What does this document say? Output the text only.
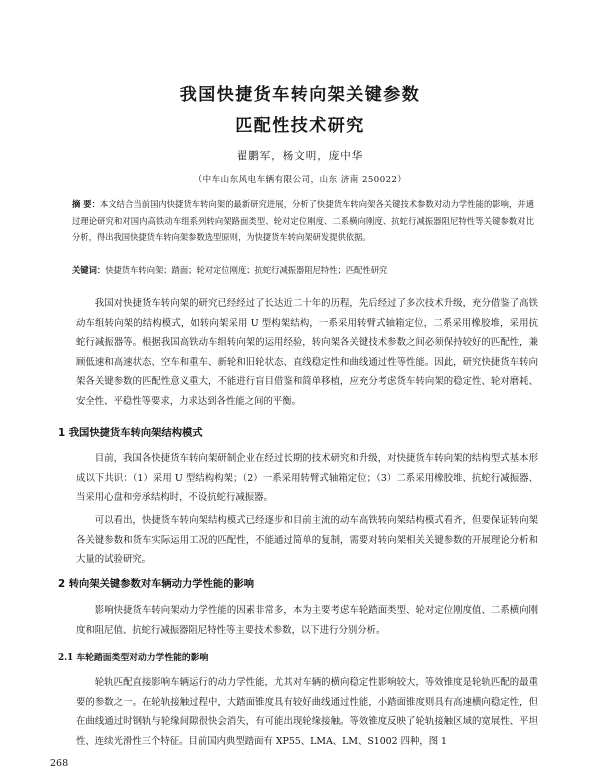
我国快捷货车转向架关键参数
匹配性技术研究
翟鹏军，杨文明，庞中华
（中车山东风电车辆有限公司，山东 济南 250022）
摘 要：本文结合当前国内快捷货车转向架的最新研究进展，分析了快捷货车转向架各关键技术参数对动力学性能的影响，并通过理论研究和对国内高铁动车组系列转向架路面类型、轮对定位刚度、二系横向刚度、抗蛇行减振器阻尼特性等关键参数对比分析，得出我国快捷货车转向架参数选型原则，为快捷货车转向架研发提供依据。
关键词：快捷货车转向架；踏面；轮对定位刚度；抗蛇行减振器阻尼特性；匹配性研究
我国对快捷货车转向架的研究已经经过了长达近二十年的历程，先后经过了多次技术升级，充分借鉴了高铁动车组转向架的结构模式，如转向架采用 U 型构架结构，一系采用转臂式轴箱定位，二系采用橡胶堆，采用抗蛇行减振器等。根据我国高铁动车组转向架的运用经验，转向架各关键技术参数之间必须保持较好的匹配性，兼顾低速和高速状态、空车和重车、新轮和旧轮状态、直线稳定性和曲线通过性等性能。因此，研究快捷货车转向架各关键参数的匹配性意义重大，不能进行盲目借鉴和简单移植，应充分考虑货车转向架的稳定性、轮对磨耗、安全性、平稳性等要求，力求达到各性能之间的平衡。
1 我国快捷货车转向架结构模式
目前，我国各快捷货车转向架研制企业在经过长期的技术研究和升级，对快捷货车转向架的结构型式基本形成以下共识：（1）采用 U 型结构构架；（2）一系采用转臂式轴箱定位；（3）二系采用橡胶堆、抗蛇行减振器、当采用心盘和旁承结构时，不设抗蛇行减振器。
可以看出，快捷货车转向架结构模式已经逐步和目前主流的动车高铁转向架结构模式看齐，但要保证转向架各关键参数和货车实际运用工况的匹配性，不能通过简单的复制，需要对转向架相关关键参数的开展理论分析和大量的试验研究。
2 转向架关键参数对车辆动力学性能的影响
影响快捷货车转向架动力学性能的因素非常多，本为主要考虑车轮踏面类型、轮对定位刚度值、二系横向刚度和阻尼值、抗蛇行减振器阻尼特性等主要技术参数，以下进行分别分析。
2.1 车轮踏面类型对动力学性能的影响
轮轨匹配直接影响车辆运行的动力学性能，尤其对车辆的横向稳定性影响较大，等效锥度是轮轨匹配的最重要的参数之一。在轮轨接触过程中，大踏面锥度具有较好曲线通过性能，小踏面锥度则具有高速横向稳定性，但在曲线通过时钢轨与轮缘间隙很快会消失，有可能出现轮缘接触。等效锥度反映了轮轨接触区域的宽展性、平坦性、连续光滑性三个特征。目前国内典型踏面有 XP55、LMA、LM、S1002 四种，图 1
268
